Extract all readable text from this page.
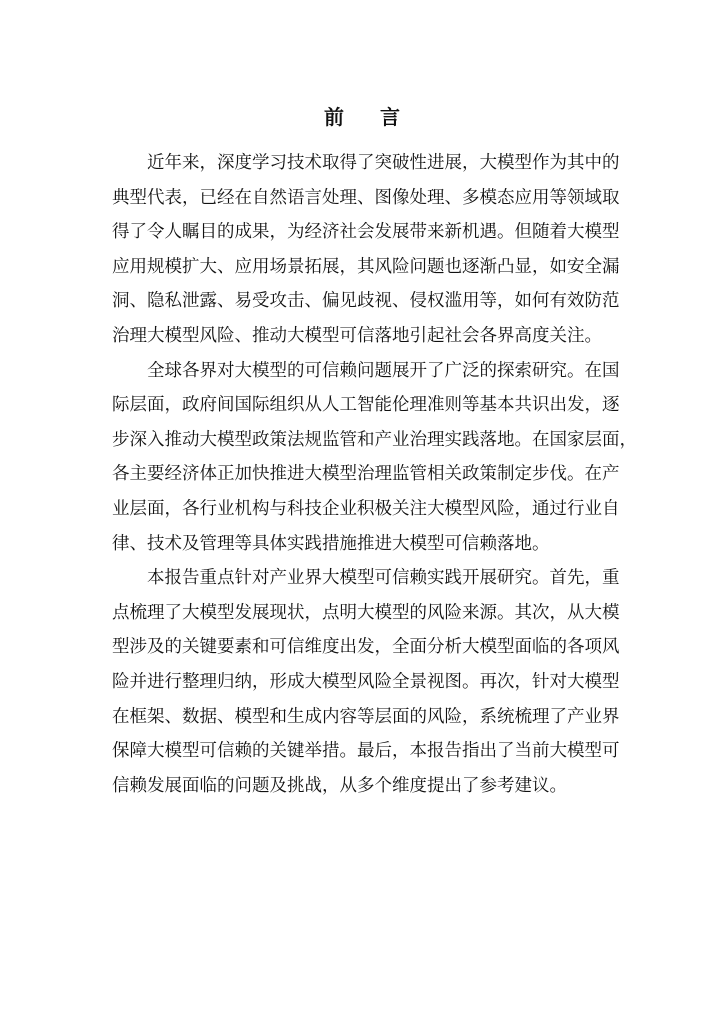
前 言
　　近年来，深度学习技术取得了突破性进展，大模型作为其中的
典型代表，已经在自然语言处理、图像处理、多模态应用等领域取
得了令人瞩目的成果，为经济社会发展带来新机遇。但随着大模型
应用规模扩大、应用场景拓展，其风险问题也逐渐凸显，如安全漏
洞、隐私泄露、易受攻击、偏见歧视、侵权滥用等，如何有效防范
治理大模型风险、推动大模型可信落地引起社会各界高度关注。
　　全球各界对大模型的可信赖问题展开了广泛的探索研究。在国
际层面，政府间国际组织从人工智能伦理准则等基本共识出发，逐
步深入推动大模型政策法规监管和产业治理实践落地。在国家层面，
各主要经济体正加快推进大模型治理监管相关政策制定步伐。在产
业层面，各行业机构与科技企业积极关注大模型风险，通过行业自
律、技术及管理等具体实践措施推进大模型可信赖落地。
　　本报告重点针对产业界大模型可信赖实践开展研究。首先，重
点梳理了大模型发展现状，点明大模型的风险来源。其次，从大模
型涉及的关键要素和可信维度出发，全面分析大模型面临的各项风
险并进行整理归纳，形成大模型风险全景视图。再次，针对大模型
在框架、数据、模型和生成内容等层面的风险，系统梳理了产业界
保障大模型可信赖的关键举措。最后，本报告指出了当前大模型可
信赖发展面临的问题及挑战，从多个维度提出了参考建议。
